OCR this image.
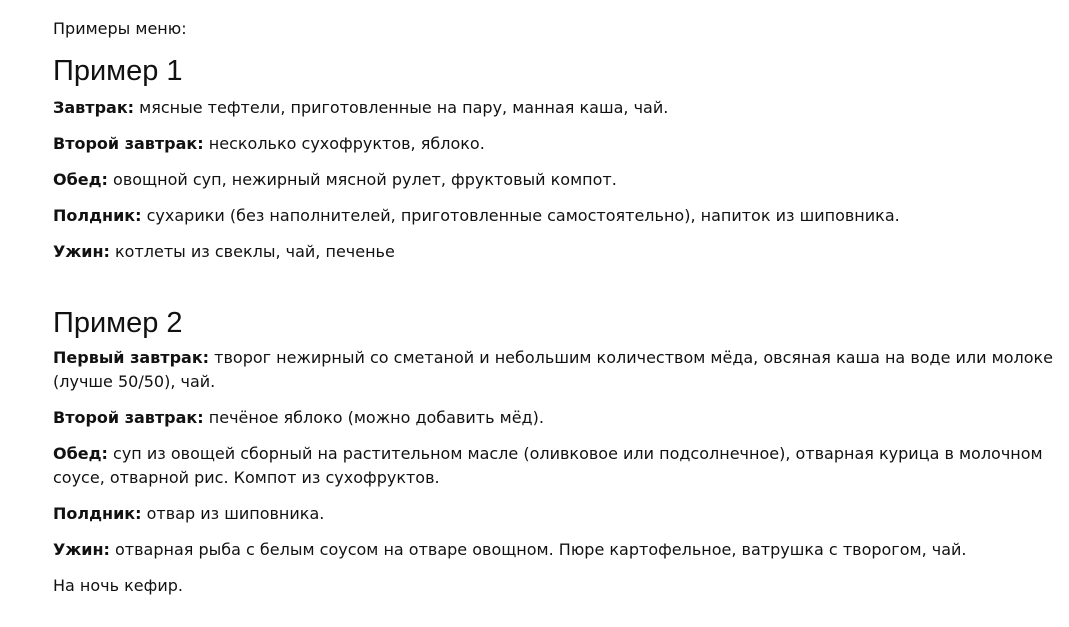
Примеры меню:

Пример 1

Завтрак: мясные тефтели, приготовленные на пару, манная каша, чай.

Второй завтрак: несколько сухофруктов, яблоко.

Обед: овощной суп, нежирный мясной рулет, фруктовый компот.

Полдник: сухарики (без наполнителей, приготовленные самостоятельно), напиток из шиповника.

Ужин: котлеты из свеклы, чай, печенье

Пример 2

Первый завтрак: творог нежирный со сметаной и небольшим количеством мёда, овсяная каша на воде или молоке (лучше 50/50), чай.

Второй завтрак: печёное яблоко (можно добавить мёд).

Обед: суп из овощей сборный на растительном масле (оливковое или подсолнечное), отварная курица в молочном соусе, отварной рис. Компот из сухофруктов.

Полдник: отвар из шиповника.

Ужин: отварная рыба с белым соусом на отваре овощном. Пюре картофельное, ватрушка с творогом, чай.

На ночь кефир.
